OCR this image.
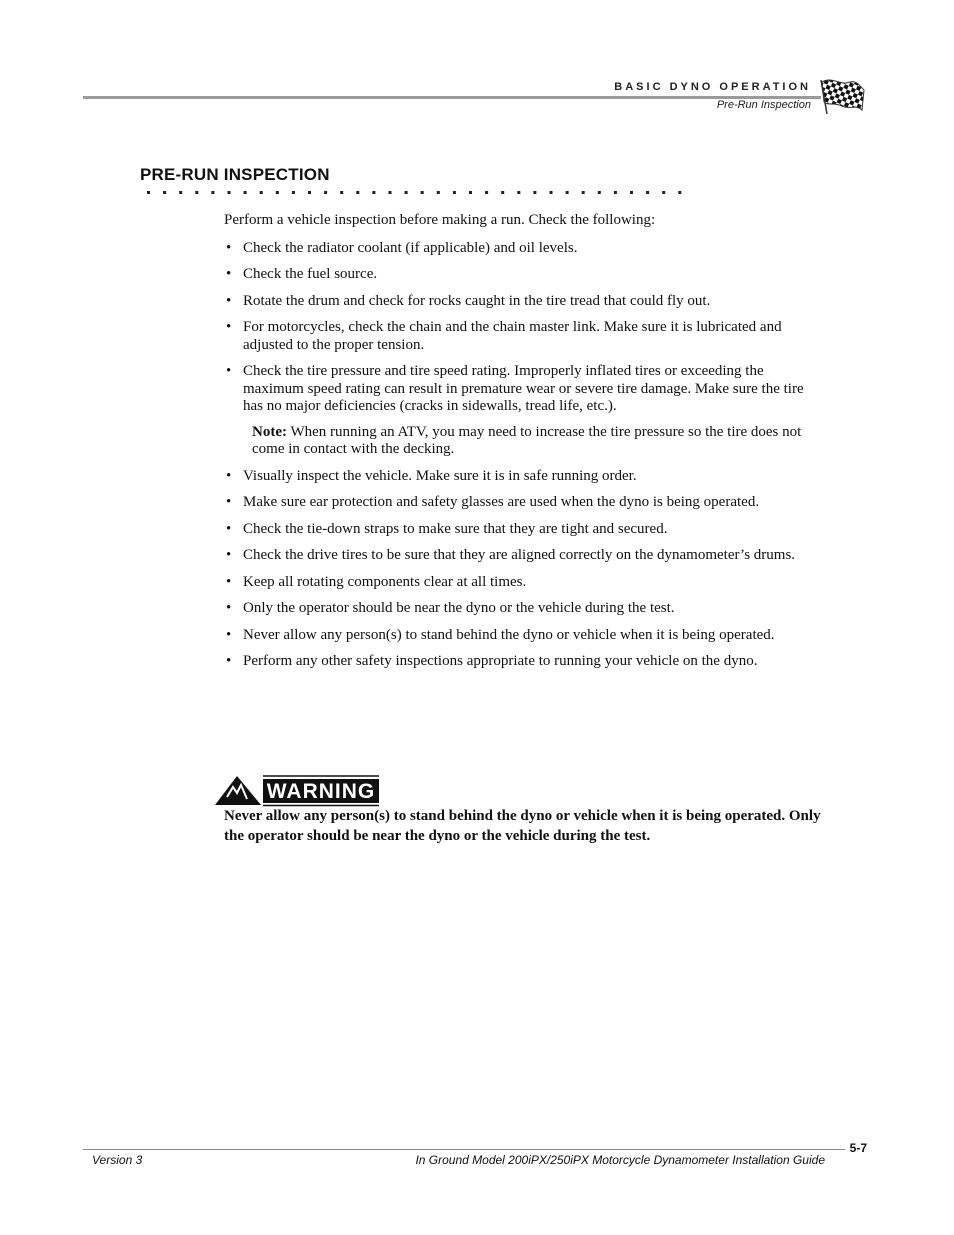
BASIC DYNO OPERATION
Pre-Run Inspection
PRE-RUN INSPECTION

Perform a vehicle inspection before making a run. Check the following:

• Check the radiator coolant (if applicable) and oil levels.
• Check the fuel source.
• Rotate the drum and check for rocks caught in the tire tread that could fly out.
• For motorcycles, check the chain and the chain master link. Make sure it is lubricated and adjusted to the proper tension.
• Check the tire pressure and tire speed rating. Improperly inflated tires or exceeding the maximum speed rating can result in premature wear or severe tire damage. Make sure the tire has no major deficiencies (cracks in sidewalls, tread life, etc.).

Note: When running an ATV, you may need to increase the tire pressure so the tire does not come in contact with the decking.

• Visually inspect the vehicle. Make sure it is in safe running order.
• Make sure ear protection and safety glasses are used when the dyno is being operated.
• Check the tie-down straps to make sure that they are tight and secured.
• Check the drive tires to be sure that they are aligned correctly on the dynamometer’s drums.
• Keep all rotating components clear at all times.
• Only the operator should be near the dyno or the vehicle during the test.
• Never allow any person(s) to stand behind the dyno or vehicle when it is being operated.
• Perform any other safety inspections appropriate to running your vehicle on the dyno.
WARNING
Never allow any person(s) to stand behind the dyno or vehicle when it is being operated. Only the operator should be near the dyno or the vehicle during the test.
5-7
Version 3	In Ground Model 200iPX/250iPX Motorcycle Dynamometer Installation Guide
